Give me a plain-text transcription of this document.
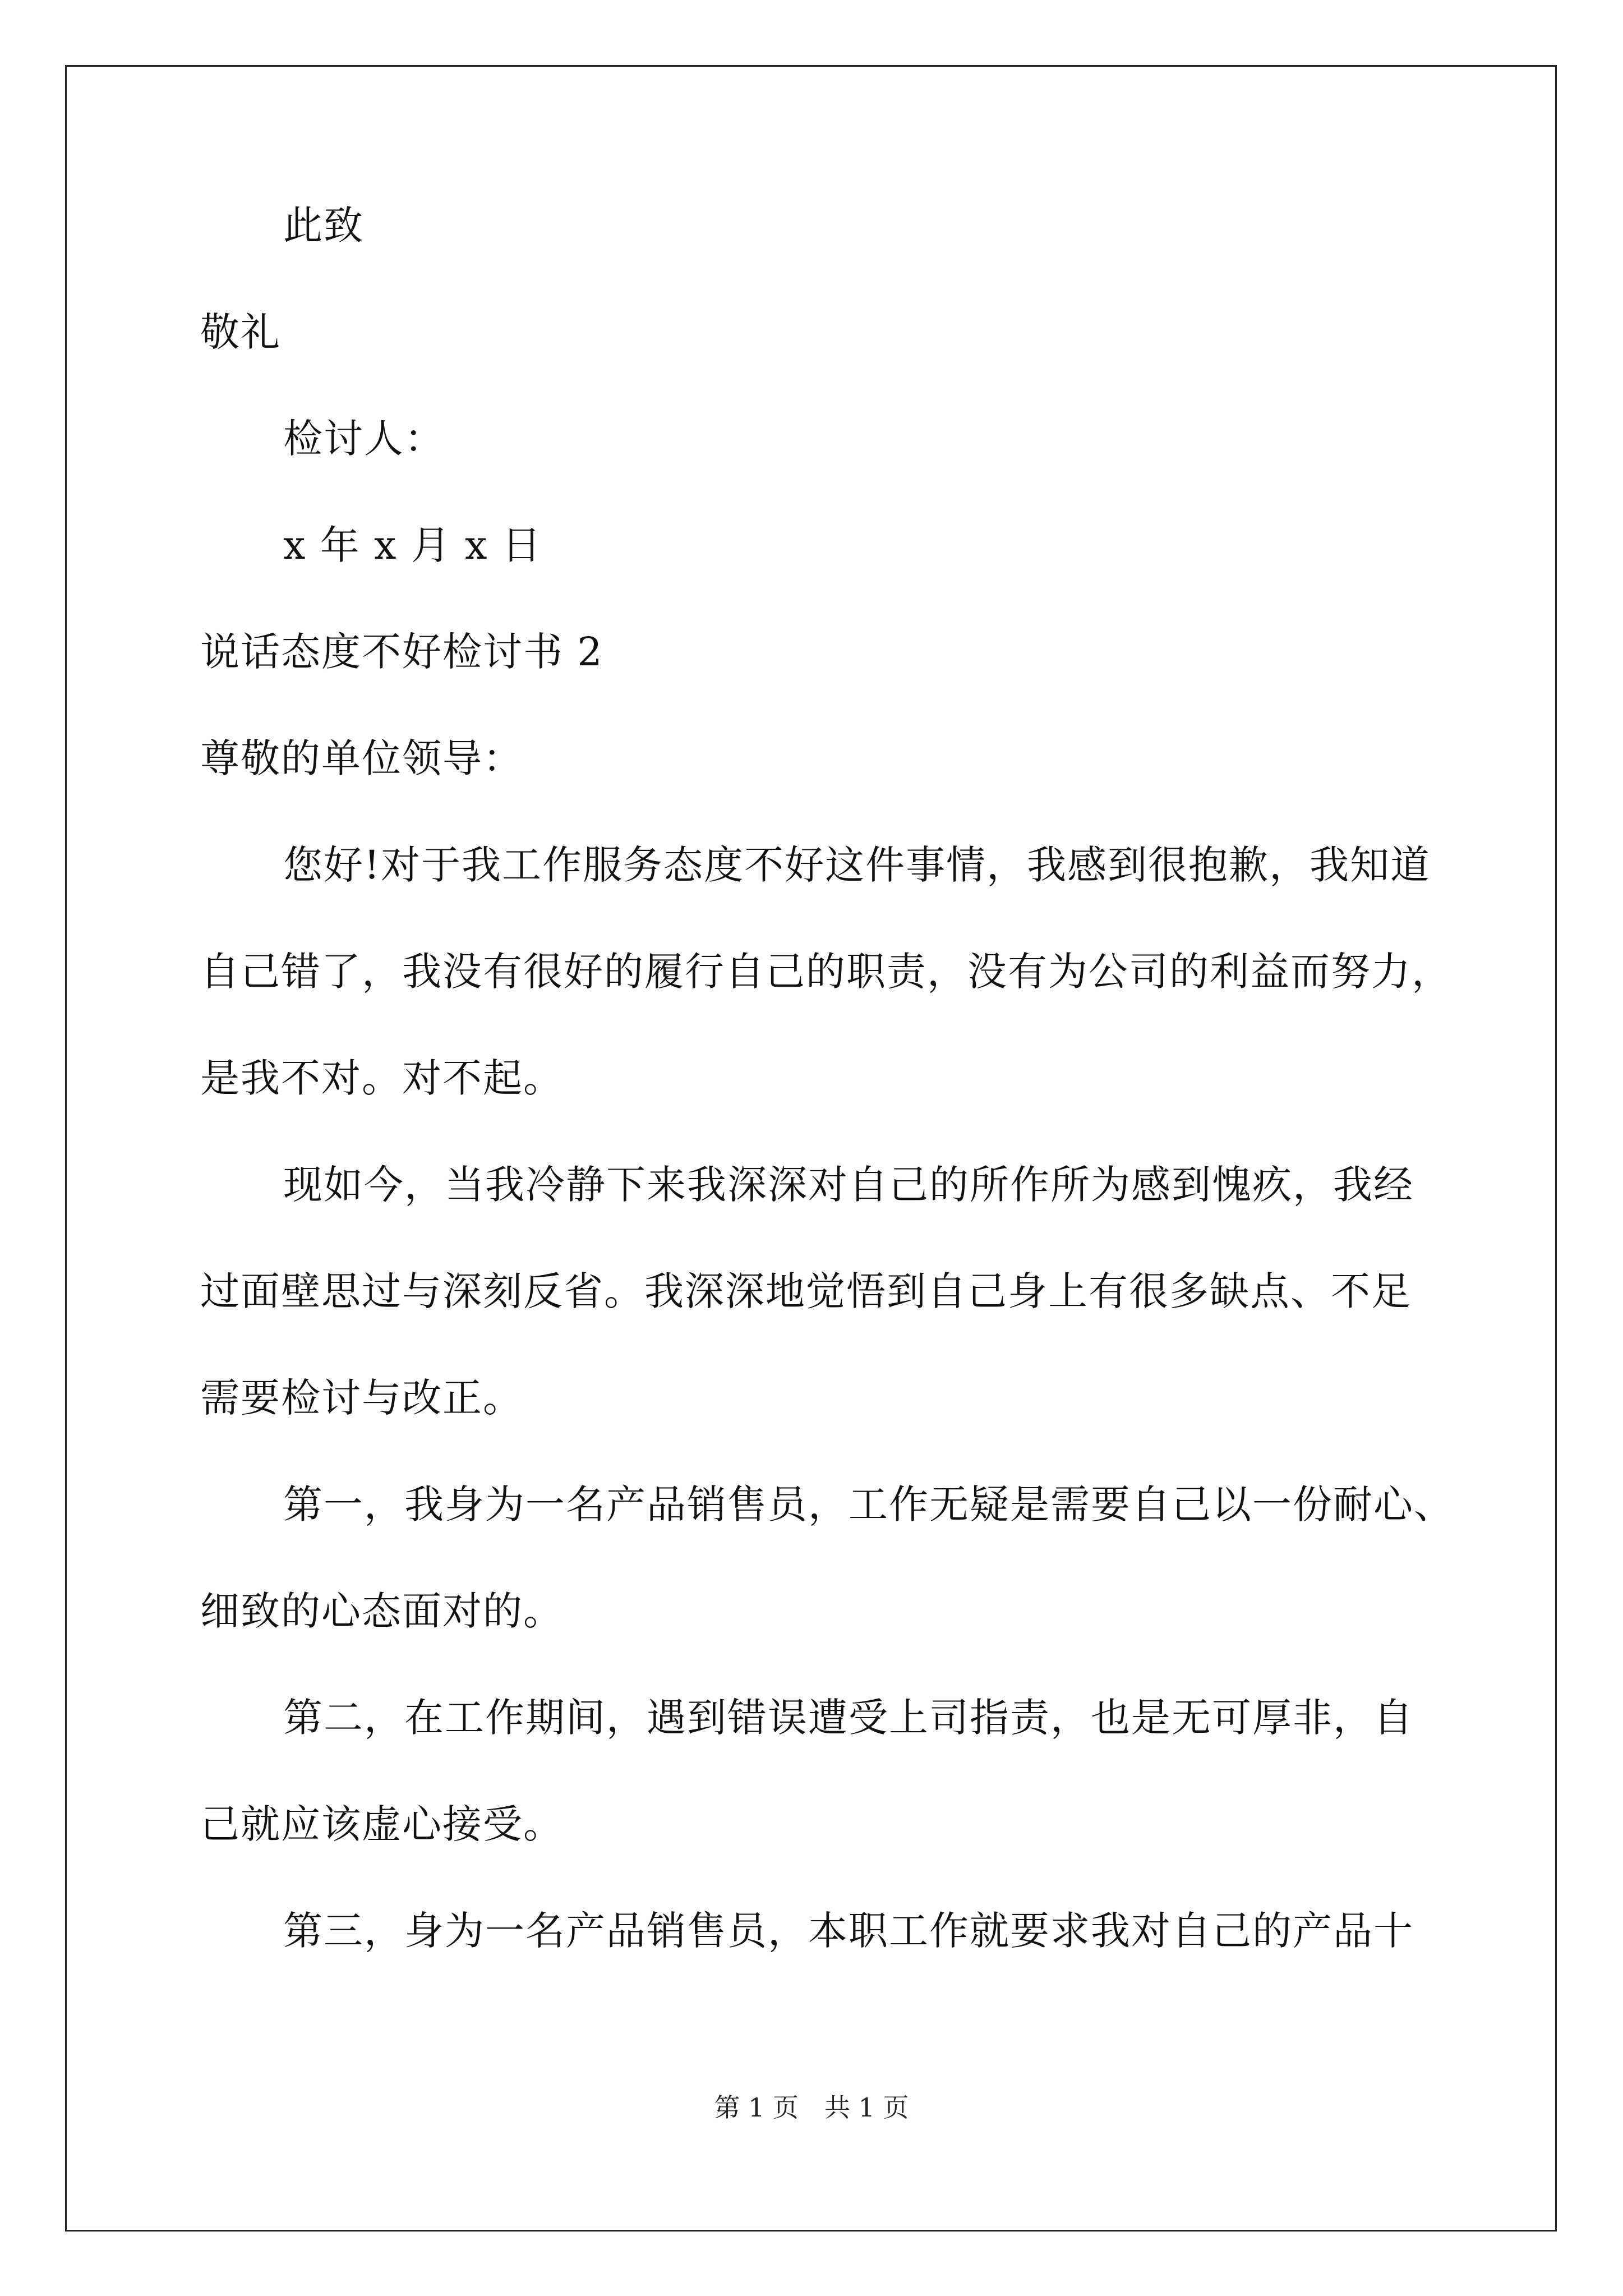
此致

敬礼

检讨人：

x 年 x 月 x 日

说话态度不好检讨书 2

尊敬的单位领导：

您好!对于我工作服务态度不好这件事情，我感到很抱歉，我知道

自己错了，我没有很好的履行自己的职责，没有为公司的利益而努力，

是我不对。对不起。

现如今，当我冷静下来我深深对自己的所作所为感到愧疚，我经

过面壁思过与深刻反省。我深深地觉悟到自己身上有很多缺点、不足

需要检讨与改正。

第一，我身为一名产品销售员，工作无疑是需要自己以一份耐心、

细致的心态面对的。

第二，在工作期间，遇到错误遭受上司指责，也是无可厚非，自

己就应该虚心接受。

第三，身为一名产品销售员，本职工作就要求我对自己的产品十

第 1 页　共 1 页
